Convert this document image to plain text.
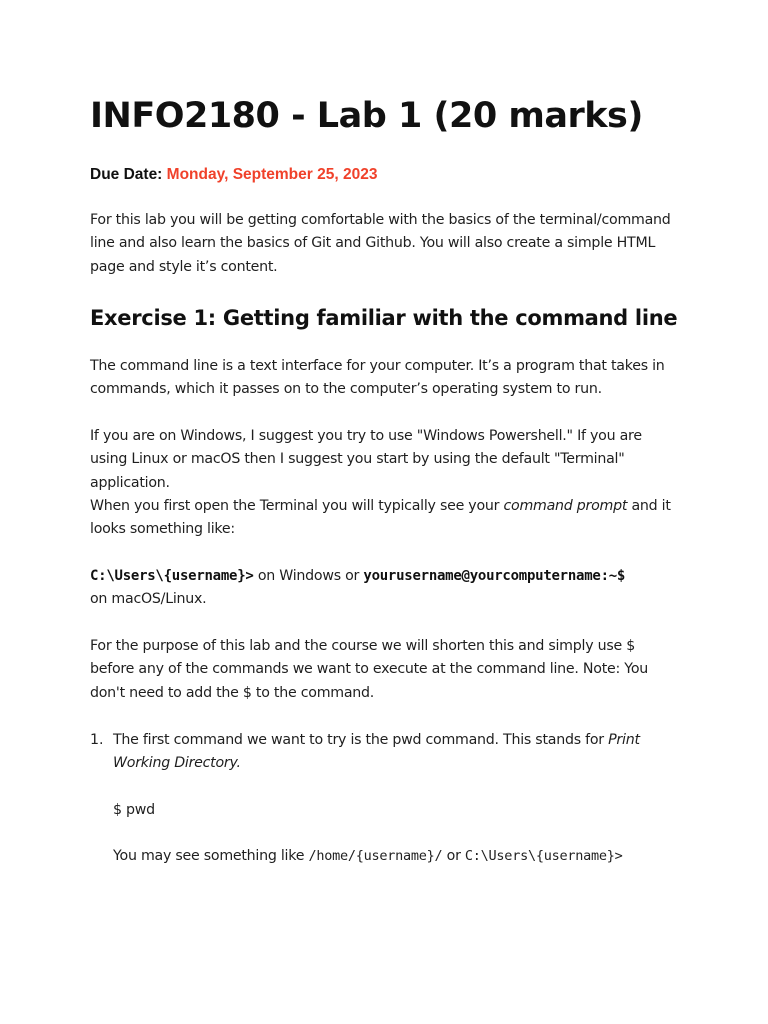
INFO2180 - Lab 1 (20 marks)
Due Date: Monday, September 25, 2023

For this lab you will be getting comfortable with the basics of the terminal/command line and also learn the basics of Git and Github. You will also create a simple HTML page and style it’s content.

Exercise 1: Getting familiar with the command line

The command line is a text interface for your computer. It’s a program that takes in commands, which it passes on to the computer’s operating system to run.

If you are on Windows, I suggest you try to use "Windows Powershell." If you are using Linux or macOS then I suggest you start by using the default "Terminal" application.

When you first open the Terminal you will typically see your command prompt and it looks something like:

C:\Users\{username}> on Windows or yourusername@yourcomputername:~$
on macOS/Linux.

For the purpose of this lab and the course we will shorten this and simply use $  before any of the commands we want to execute at the command line. Note: You don't need to add the $ to the command.

1. The first command we want to try is the pwd command. This stands for Print Working Directory.
$ pwd
You may see something like /home/{username}/ or C:\Users\{username}>
